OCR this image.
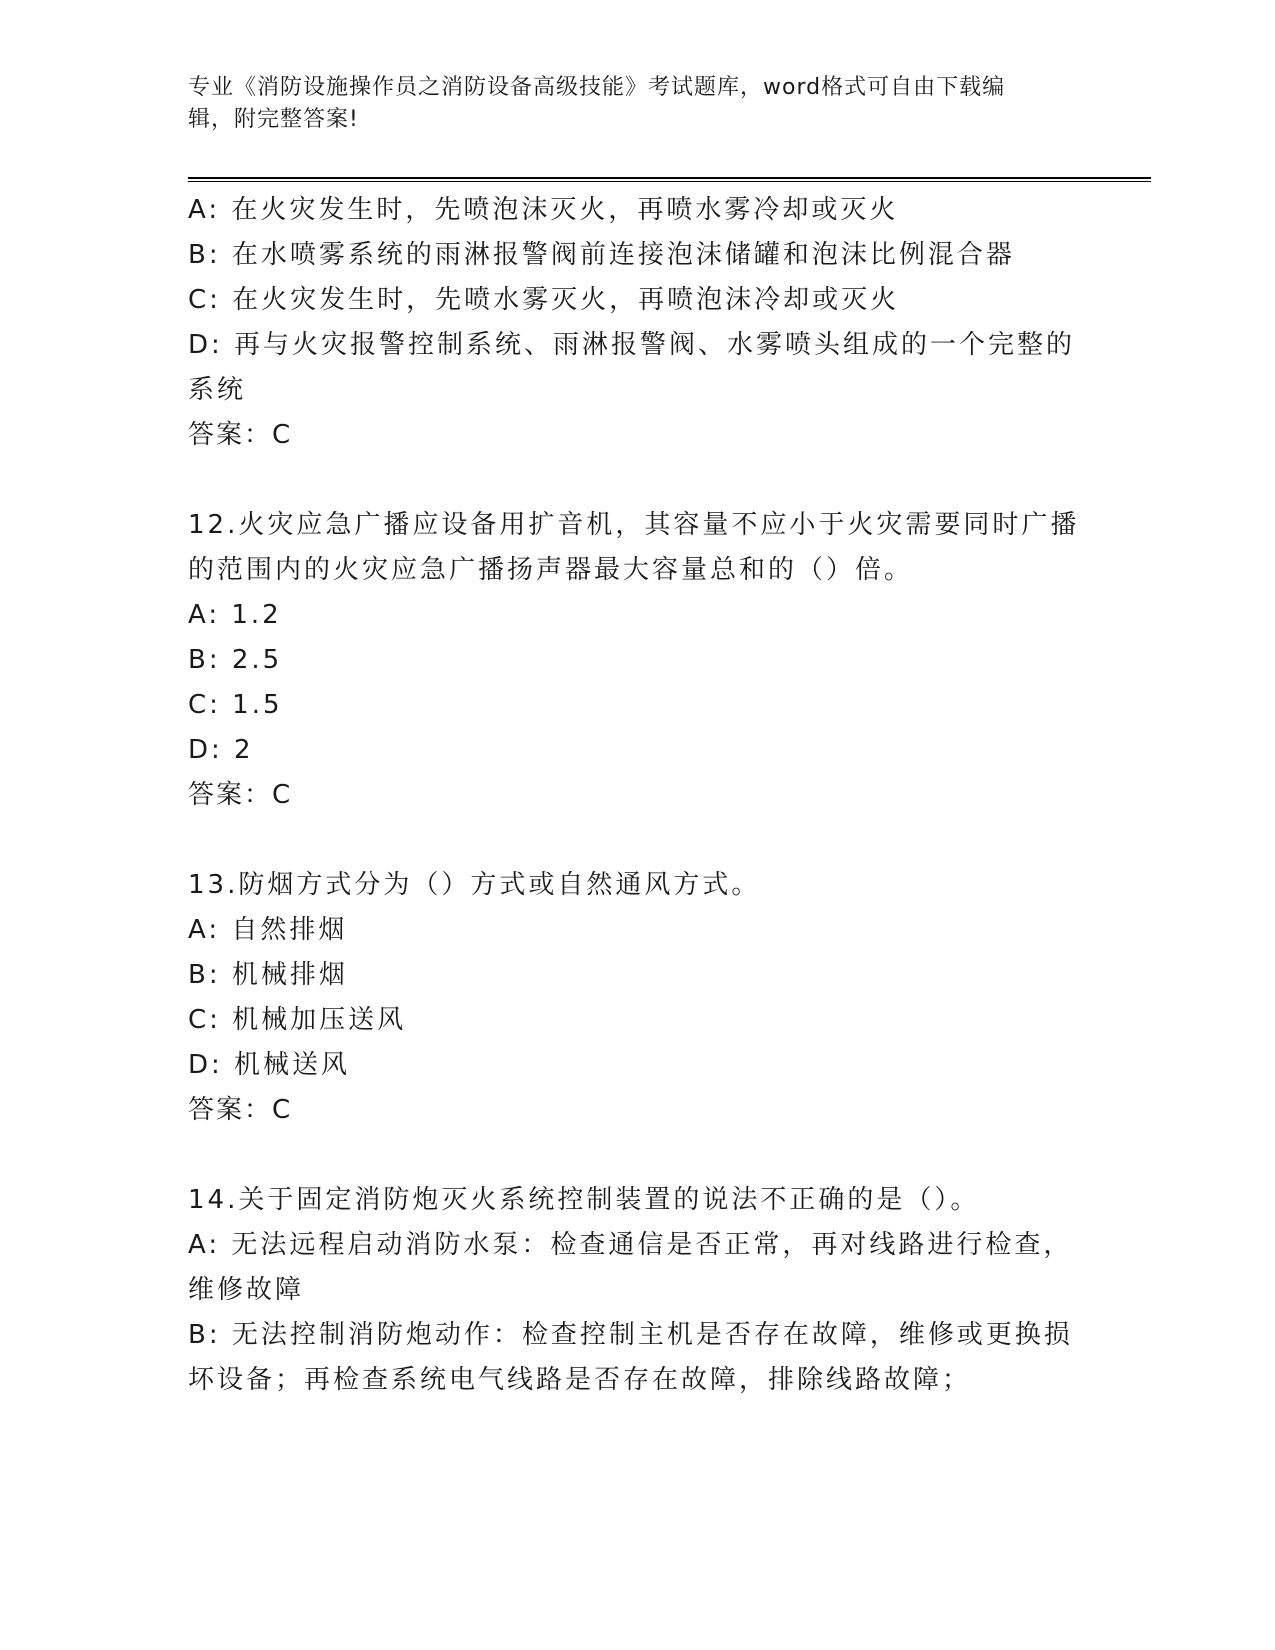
专业《消防设施操作员之消防设备高级技能》考试题库，word格式可自由下载编
辑，附完整答案!
A: 在火灾发生时，先喷泡沫灭火，再喷水雾冷却或灭火
B: 在水喷雾系统的雨淋报警阀前连接泡沫储罐和泡沫比例混合器
C: 在火灾发生时，先喷水雾灭火，再喷泡沫冷却或灭火
D: 再与火灾报警控制系统、雨淋报警阀、水雾喷头组成的一个完整的
系统
答案：C
12.火灾应急广播应设备用扩音机，其容量不应小于火灾需要同时广播
的范围内的火灾应急广播扬声器最大容量总和的（）倍。
A: 1.2
B: 2.5
C: 1.5
D: 2
答案：C
13.防烟方式分为（）方式或自然通风方式。
A: 自然排烟
B: 机械排烟
C: 机械加压送风
D: 机械送风
答案：C
14.关于固定消防炮灭火系统控制装置的说法不正确的是（）。
A: 无法远程启动消防水泵：检查通信是否正常，再对线路进行检查，
维修故障
B: 无法控制消防炮动作：检查控制主机是否存在故障，维修或更换损
坏设备；再检查系统电气线路是否存在故障，排除线路故障；
